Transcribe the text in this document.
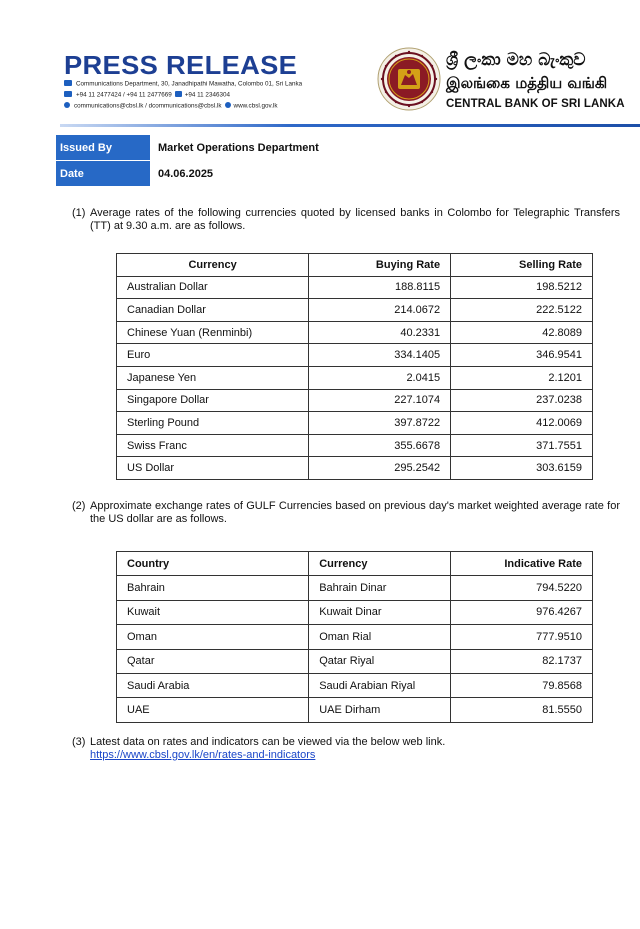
PRESS RELEASE
Communications Department, 30, Janadhipathi Mawatha, Colombo 01, Sri Lanka
+94 11 2477424 / +94 11 2477669 +94 11 2346304
communications@cbsl.lk / dcommunications@cbsl.lk www.cbsl.gov.lk
ශ්‍රී ලංකා මහ බැංකුව
இலங்கை மத்திய வங்கி
CENTRAL BANK OF SRI LANKA
Issued By	Market Operations Department
Date	04.06.2025
(1) Average rates of the following currencies quoted by licensed banks in Colombo for Telegraphic Transfers (TT) at 9.30 a.m. are as follows.
Currency	Buying Rate	Selling Rate
Australian Dollar	188.8115	198.5212
Canadian Dollar	214.0672	222.5122
Chinese Yuan (Renminbi)	40.2331	42.8089
Euro	334.1405	346.9541
Japanese Yen	2.0415	2.1201
Singapore Dollar	227.1074	237.0238
Sterling Pound	397.8722	412.0069
Swiss Franc	355.6678	371.7551
US Dollar	295.2542	303.6159
(2) Approximate exchange rates of GULF Currencies based on previous day's market weighted average rate for the US dollar are as follows.
Country	Currency	Indicative Rate
Bahrain	Bahrain Dinar	794.5220
Kuwait	Kuwait Dinar	976.4267
Oman	Oman Rial	777.9510
Qatar	Qatar Riyal	82.1737
Saudi Arabia	Saudi Arabian Riyal	79.8568
UAE	UAE Dirham	81.5550
(3) Latest data on rates and indicators can be viewed via the below web link.
https://www.cbsl.gov.lk/en/rates-and-indicators
